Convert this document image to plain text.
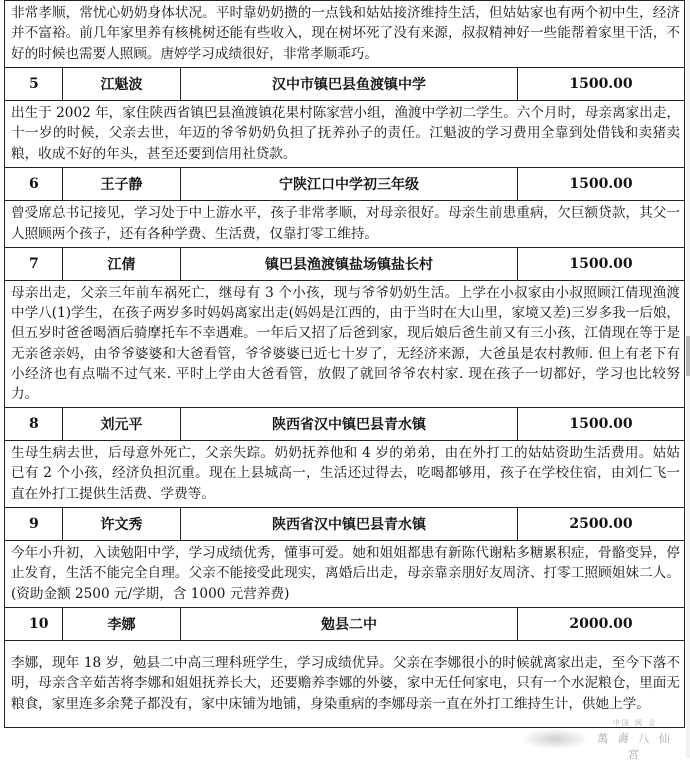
非常孝顺，常忧心奶奶身体状况。平时靠奶奶攒的一点钱和姑姑接济维持生活，但姑姑家也有两个初中生，经济并不富裕。前几年家里养有核桃树还能有些收入，现在树坏死了没有来源，叔叔精神好一些能帮着家里干活，不好的时候也需要人照顾。唐婷学习成绩很好，非常孝顺乖巧。			
5	江魁波	汉中市镇巴县鱼渡镇中学	1500.00
出生于 2002 年，家住陕西省镇巴县渔渡镇花果村陈家营小组，渔渡中学初二学生。六个月时，母亲离家出走，十一岁的时候，父亲去世，年迈的爷爷奶奶负担了抚养孙子的责任。江魁波的学习费用全靠到处借钱和卖猪卖粮，收成不好的年头，甚至还要到信用社贷款。			
6	王子静	宁陕江口中学初三年级	1500.00
曾受席总书记接见，学习处于中上游水平，孩子非常孝顺，对母亲很好。母亲生前患重病，欠巨额贷款，其父一人照顾两个孩子，还有各种学费、生活费，仅靠打零工维持。			
7	江倩	镇巴县渔渡镇盐场镇盐长村	1500.00
母亲出走，父亲三年前车祸死亡，继母有 3 个小孩，现与爷爷奶奶生活。上学在小叔家由小叔照顾江倩现渔渡中学八(1)学生，在孩子两岁多时妈妈离家出走(妈妈是江西的，由于当时在大山里，家境又差)三岁多我一后娘，但五岁时爸爸喝酒后骑摩托车不幸遇难。一年后又招了后爸到家，现后娘后爸生前又有三小孩，江倩现在等于是无亲爸亲妈，由爷爷婆婆和大爸看管，爷爷婆婆已近七十岁了，无经济来源，大爸虽是农村教师. 但上有老下有小经济也有点喘不过气来. 平时上学由大爸看管，放假了就回爷爷农村家. 现在孩子一切都好，学习也比较努力。			
8	刘元平	陕西省汉中镇巴县青水镇	1500.00
生母生病去世，后母意外死亡，父亲失踪。奶奶抚养他和 4 岁的弟弟，由在外打工的姑姑资助生活费用。姑姑已有 2 个小孩，经济负担沉重。现在上县城高一，生活还过得去，吃喝都够用，孩子在学校住宿，由刘仁飞一直在外打工提供生活费、学费等。			
9	许文秀	陕西省汉中镇巴县青水镇	2500.00
今年小升初，入读勉阳中学，学习成绩优秀，懂事可爱。她和姐姐都患有新陈代谢粘多糖累积症，骨骼变异，停止发育，生活不能完全自理。父亲不能接受此现实，离婚后出走，母亲靠亲朋好友周济、打零工照顾姐妹二人。(资助金额 2500 元/学期，含 1000 元营养费)			
10	李娜	勉县二中	2000.00
李娜，现年 18 岁，勉县二中高三理科班学生，学习成绩优异。父亲在李娜很小的时候就离家出走，至今下落不明，母亲含辛茹苦将李娜和姐姐抚养长大，还要赡养李娜的外婆，家中无任何家电，只有一个水泥粮仓，里面无粮食，家里连多余凳子都没有，家中床铺为地铺，身染重病的李娜母亲一直在外打工维持生计，供她上学。			
中国 网 会
萬 壽 八 仙 宮
